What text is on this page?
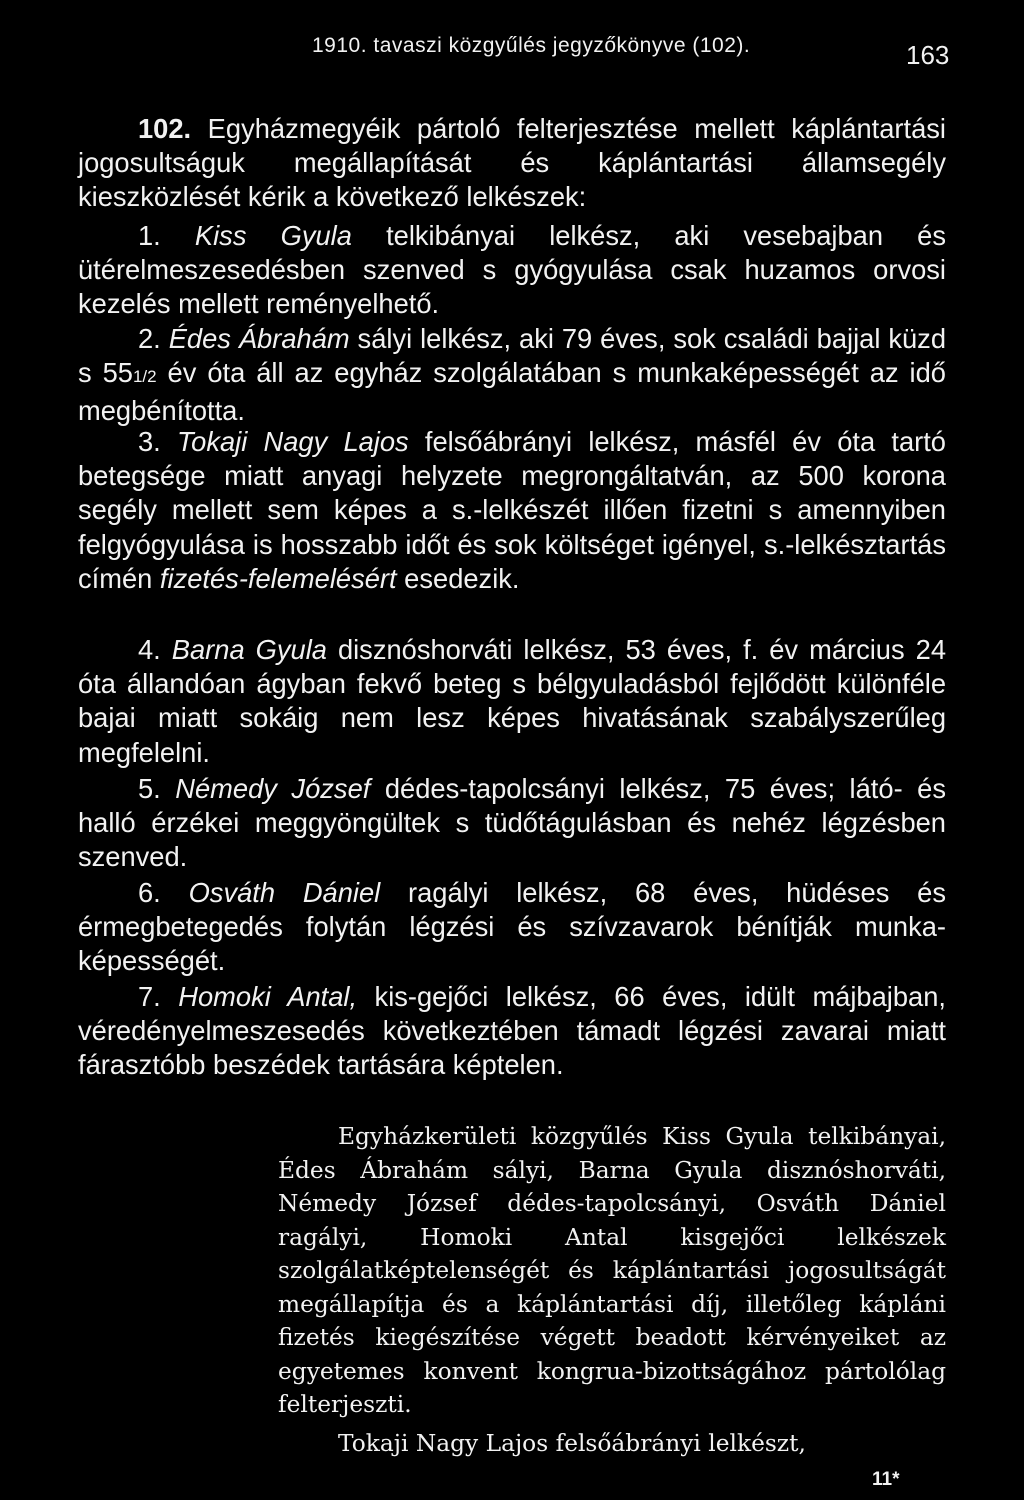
1910. tavaszi közgyűlés jegyzőkönyve (102).	163

102. Egyházmegyéik pártoló felterjesztése mellett káplántartási jogosultságuk megállapítását és káplántartási államsegély kieszközlését kérik a következő lelkészek:

1. Kiss Gyula telkibányai lelkész, aki vesebajban és ütérelmeszesedésben szenved s gyógyulása csak huzamos orvosi kezelés mellett reményelhető.

2. Édes Ábrahám sályi lelkész, aki 79 éves, sok családi bajjal küzd s 551/2 év óta áll az egyház szolgálatában s munkaképességét az idő megbénította.

3. Tokaji Nagy Lajos felsőábrányi lelkész, másfél év óta tartó betegsége miatt anyagi helyzete megrongáltatván, az 500 korona segély mellett sem képes a s.-lelkészét illően fizetni s amennyiben felgyógyulása is hosszabb időt és sok költséget igényel, s.-lelkésztartás címén fizetés-felemelésért esedezik.

4. Barna Gyula disznóshorváti lelkész, 53 éves, f. év március 24 óta állandóan ágyban fekvő beteg s bélgyuladásból fejlődött különféle bajai miatt sokáig nem lesz képes hivatásának szabályszerűleg megfelelni.

5. Némedy József dédes-tapolcsányi lelkész, 75 éves; látó- és halló érzékei meggyöngültek s tüdőtágulásban és nehéz légzésben szenved.

6. Osváth Dániel ragályi lelkész, 68 éves, hüdéses és érmegbetegedés folytán légzési és szívzavarok bénítják munkaképességét.

7. Homoki Antal, kis-gejőci lelkész, 66 éves, idült májbajban, véredényelmeszesedés következtében támadt légzési zavarai miatt fárasztóbb beszédek tartására képtelen.

Egyházkerületi közgyűlés Kiss Gyula telkibányai, Édes Ábrahám sályi, Barna Gyula disznóshorváti, Némedy József dédes-tapolcsányi, Osváth Dániel ragályi, Homoki Antal kisgejőci lelkészek szolgálatképtelenségét és káplántartási jogosultságát megállapítja és a káplántartási díj, illetőleg kápláni fizetés kiegészítése végett beadott kérvényeiket az egyetemes konvent kongrua-bizottságához pártolólag felterjeszti.

Tokaji Nagy Lajos felsőábrányi lelkészt,

11*
